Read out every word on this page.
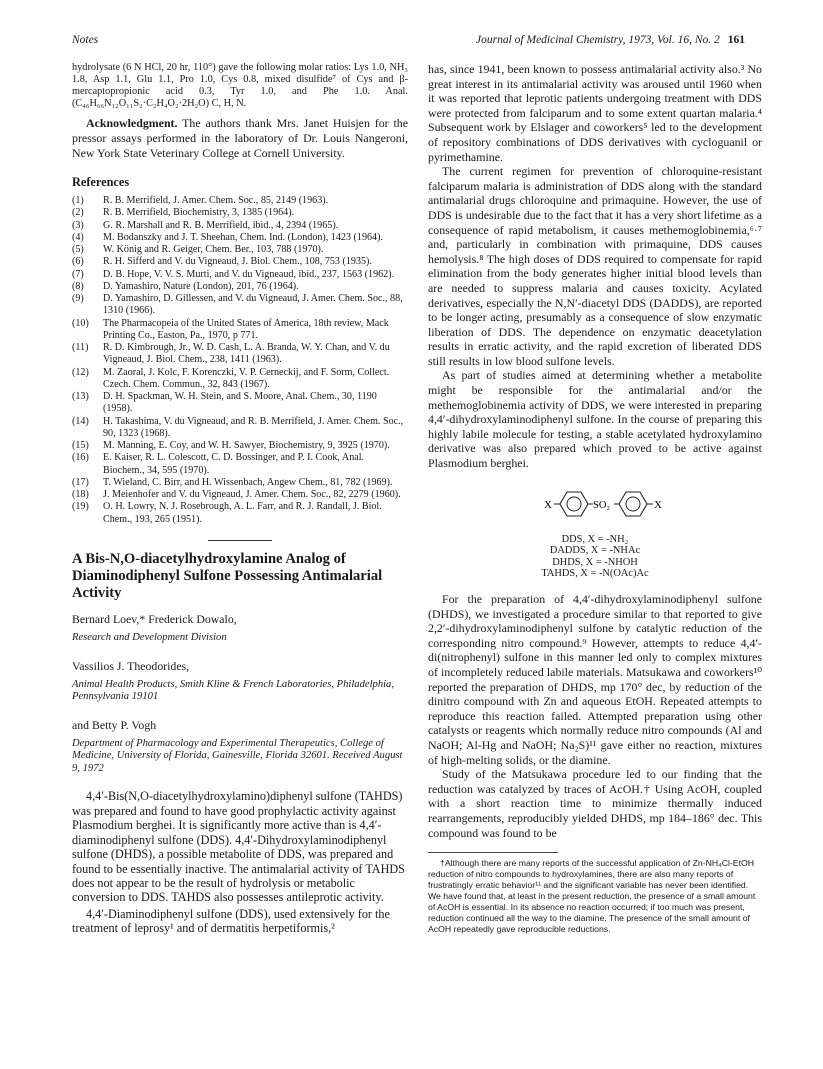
Notes	Journal of Medicinal Chemistry, 1973, Vol. 16, No. 2 161

hydrolysate (6 N HCl, 20 hr, 110°) gave the following molar ratios: Lys 1.0, NH₃ 1.8, Asp 1.1, Glu 1.1, Pro 1.0, Cys 0.8, mixed disulfide⁷ of Cys and β-mercaptopropionic acid 0.3, Tyr 1.0, and Phe 1.0. Anal. (C₄₆H₆₆N₁₂O₁₁S₂·C₂H₄O₂·2H₂O) C, H, N.

Acknowledgment. The authors thank Mrs. Janet Huisjen for the pressor assays performed in the laboratory of Dr. Louis Nangeroni, New York State Veterinary College at Cornell University.

References

(1) R. B. Merrifield, J. Amer. Chem. Soc., 85, 2149 (1963).

(2) R. B. Merrifield, Biochemistry, 3, 1385 (1964).

(3) G. R. Marshall and R. B. Merrifield, ibid., 4, 2394 (1965).

(4) M. Bodanszky and J. T. Sheehan, Chem. Ind. (London), 1423 (1964).

(5) W. König and R. Geiger, Chem. Ber., 103, 788 (1970).

(6) R. H. Sifferd and V. du Vigneaud, J. Biol. Chem., 108, 753 (1935).

(7) D. B. Hope, V. V. S. Murti, and V. du Vigneaud, ibid., 237, 1563 (1962).

(8) D. Yamashiro, Nature (London), 201, 76 (1964).

(9) D. Yamashiro, D. Gillessen, and V. du Vigneaud, J. Amer. Chem. Soc., 88, 1310 (1966).

(10) The Pharmacopeia of the United States of America, 18th review, Mack Printing Co., Easton, Pa., 1970, p 771.

(11) R. D. Kimbrough, Jr., W. D. Cash, L. A. Branda, W. Y. Chan, and V. du Vigneaud, J. Biol. Chem., 238, 1411 (1963).

(12) M. Zaoral, J. Kolc, F. Korenczki, V. P. Cerneckij, and F. Sorm, Collect. Czech. Chem. Commun., 32, 843 (1967).

(13) D. H. Spackman, W. H. Stein, and S. Moore, Anal. Chem., 30, 1190 (1958).

(14) H. Takashima, V. du Vigneaud, and R. B. Merrifield, J. Amer. Chem. Soc., 90, 1323 (1968).

(15) M. Manning, E. Coy, and W. H. Sawyer, Biochemistry, 9, 3925 (1970).

(16) E. Kaiser, R. L. Colescott, C. D. Bossinger, and P. I. Cook, Anal. Biochem., 34, 595 (1970).

(17) T. Wieland, C. Birr, and H. Wissenbach, Angew Chem., 81, 782 (1969).

(18) J. Meienhofer and V. du Vigneaud, J. Amer. Chem. Soc., 82, 2279 (1960).

(19) O. H. Lowry, N. J. Rosebrough, A. L. Farr, and R. J. Randall, J. Biol. Chem., 193, 265 (1951).

A Bis-N,O-diacetylhydroxylamine Analog of Diaminodiphenyl Sulfone Possessing Antimalarial Activity

Bernard Loev,* Frederick Dowalo,

Research and Development Division

Vassilios J. Theodorides,

Animal Health Products, Smith Kline & French Laboratories, Philadelphia, Pennsylvania 19101

and Betty P. Vogh

Department of Pharmacology and Experimental Therapeutics, College of Medicine, University of Florida, Gainesville, Florida 32601. Received August 9, 1972

4,4′-Bis(N,O-diacetylhydroxylamino)diphenyl sulfone (TAHDS) was prepared and found to have good prophylactic activity against Plasmodium berghei. It is significantly more active than is 4,4′-diaminodiphenyl sulfone (DDS). 4,4′-Dihydroxylaminodiphenyl sulfone (DHDS), a possible metabolite of DDS, was prepared and found to be essentially inactive. The antimalarial activity of TAHDS does not appear to be the result of hydrolysis or metabolic conversion to DDS. TAHDS also possesses antileprotic activity.

4,4′-Diaminodiphenyl sulfone (DDS), used extensively for the treatment of leprosy¹ and of dermatitis herpetiformis,²

has, since 1941, been known to possess antimalarial activity also.³ No great interest in its antimalarial activity was aroused until 1960 when it was reported that leprotic patients undergoing treatment with DDS were protected from falciparum and to some extent quartan malaria.⁴ Subsequent work by Elslager and coworkers⁵ led to the development of repository combinations of DDS derivatives with cycloguanil or pyrimethamine.

The current regimen for prevention of chloroquine-resistant falciparum malaria is administration of DDS along with the standard antimalarial drugs chloroquine and primaquine. However, the use of DDS is undesirable due to the fact that it has a very short lifetime as a consequence of rapid metabolism, it causes methemoglobinemia,⁶·⁷ and, particularly in combination with primaquine, DDS causes hemolysis.⁸ The high doses of DDS required to compensate for rapid elimination from the body generates higher initial blood levels than are needed to suppress malaria and causes toxicity. Acylated derivatives, especially the N,N′-diacetyl DDS (DADDS), are reported to be longer acting, presumably as a consequence of slow enzymatic liberation of DDS. The dependence on enzymatic deacetylation results in erratic activity, and the rapid excretion of liberated DDS still results in low blood sulfone levels.

As part of studies aimed at determining whether a metabolite might be responsible for the antimalarial and/or the methemoglobinemia activity of DDS, we were interested in preparing 4,4′-dihydroxylaminodiphenyl sulfone. In the course of preparing this highly labile molecule for testing, a stable acetylated hydroxylamino derivative was also prepared which proved to be active against Plasmodium berghei.

X	SO₂	X
DDS, X = -NH₂
DADDS, X = -NHAc
DHDS, X = -NHOH
TAHDS, X = -N(OAc)Ac

For the preparation of 4,4′-dihydroxylaminodiphenyl sulfone (DHDS), we investigated a procedure similar to that reported to give 2,2′-dihydroxylaminodiphenyl sulfone by catalytic reduction of the corresponding nitro compound.⁹ However, attempts to reduce 4,4′-di(nitrophenyl) sulfone in this manner led only to complex mixtures of incompletely reduced labile materials. Matsukawa and coworkers¹⁰ reported the preparation of DHDS, mp 170° dec, by reduction of the dinitro compound with Zn and aqueous EtOH. Repeated attempts to reproduce this reaction failed. Attempted preparation using other catalysts or reagents which normally reduce nitro compounds (Al and NaOH; Al-Hg and NaOH; Na₂S)¹¹ gave either no reaction, mixtures of high-melting solids, or the diamine.

Study of the Matsukawa procedure led to our finding that the reduction was catalyzed by traces of AcOH.† Using AcOH, coupled with a short reaction time to minimize thermally induced rearrangements, reproducibly yielded DHDS, mp 184–186° dec. This compound was found to be

†Although there are many reports of the successful application of Zn-NH₄Cl-EtOH reduction of nitro compounds to hydroxylamines, there are also many reports of frustratingly erratic behavior¹¹ and the significant variable has never been identified. We have found that, at least in the present reduction, the presence of a small amount of AcOH is essential. In its absence no reaction occurred; if too much was present, reduction continued all the way to the diamine. The presence of the small amount of AcOH repeatedly gave reproducible reductions.
